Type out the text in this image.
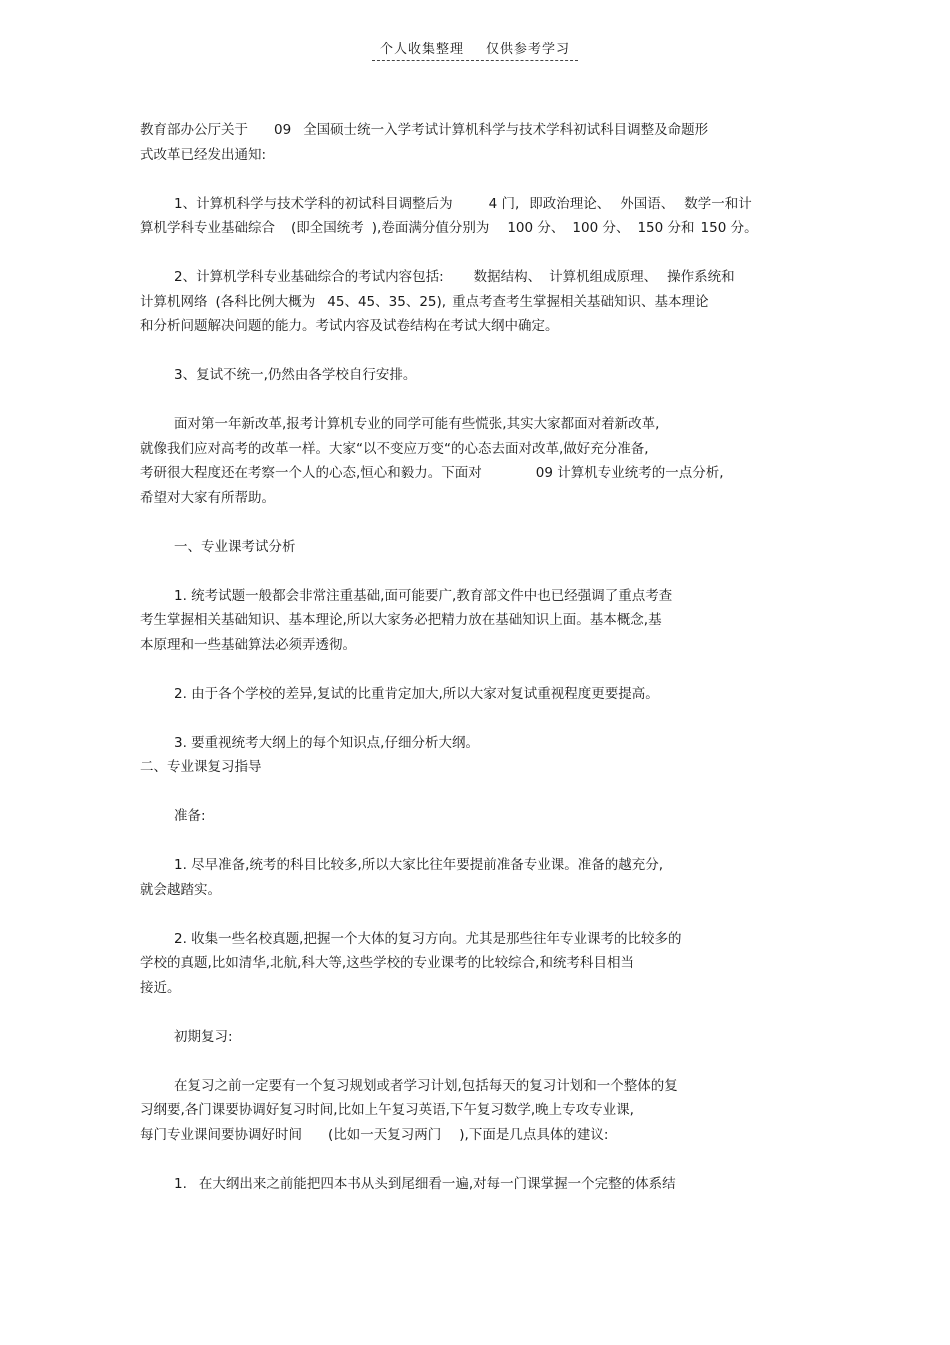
个人收集整理 仅供参考学习

教育部办公厅关于 09 全国硕士统一入学考试计算机科学与技术学科初试科目调整及命题形
式改革已经发出通知:

1、计算机科学与技术学科的初试科目调整后为	4 门, 即政治理论、 外国语、 数学一和计
算机学科专业基础综合 (即全国统考 ),卷面满分值分别为 100 分、 100 分、 150 分和 150 分。

2、计算机学科专业基础综合的考试内容包括: 数据结构、 计算机组成原理、 操作系统和
计算机网络 (各科比例大概为 45、45、35、25), 重点考查考生掌握相关基础知识、基本理论
和分析问题解决问题的能力。考试内容及试卷结构在考试大纲中确定。

3、复试不统一,仍然由各学校自行安排。

面对第一年新改革,报考计算机专业的同学可能有些慌张,其实大家都面对着新改革,
就像我们应对高考的改革一样。大家“以不变应万变“的心态去面对改革,做好充分准备,
考研很大程度还在考察一个人的心态,恒心和毅力。下面对	09 计算机专业统考的一点分析,
希望对大家有所帮助。

一、专业课考试分析

1. 统考试题一般都会非常注重基础,面可能要广,教育部文件中也已经强调了重点考查
考生掌握相关基础知识、基本理论,所以大家务必把精力放在基础知识上面。基本概念,基
本原理和一些基础算法必须弄透彻。

2. 由于各个学校的差异,复试的比重肯定加大,所以大家对复试重视程度更要提高。

3. 要重视统考大纲上的每个知识点,仔细分析大纲。

二、专业课复习指导

准备:

1. 尽早准备,统考的科目比较多,所以大家比往年要提前准备专业课。准备的越充分,
就会越踏实。

2. 收集一些名校真题,把握一个大体的复习方向。尤其是那些往年专业课考的比较多的
学校的真题,比如清华,北航,科大等,这些学校的专业课考的比较综合,和统考科目相当
接近。

初期复习:

在复习之前一定要有一个复习规划或者学习计划,包括每天的复习计划和一个整体的复
习纲要,各门课要协调好复习时间,比如上午复习英语,下午复习数学,晚上专攻专业课,
每门专业课间要协调好时间 (比如一天复习两门 ),下面是几点具体的建议:

1. 在大纲出来之前能把四本书从头到尾细看一遍,对每一门课掌握一个完整的体系结
